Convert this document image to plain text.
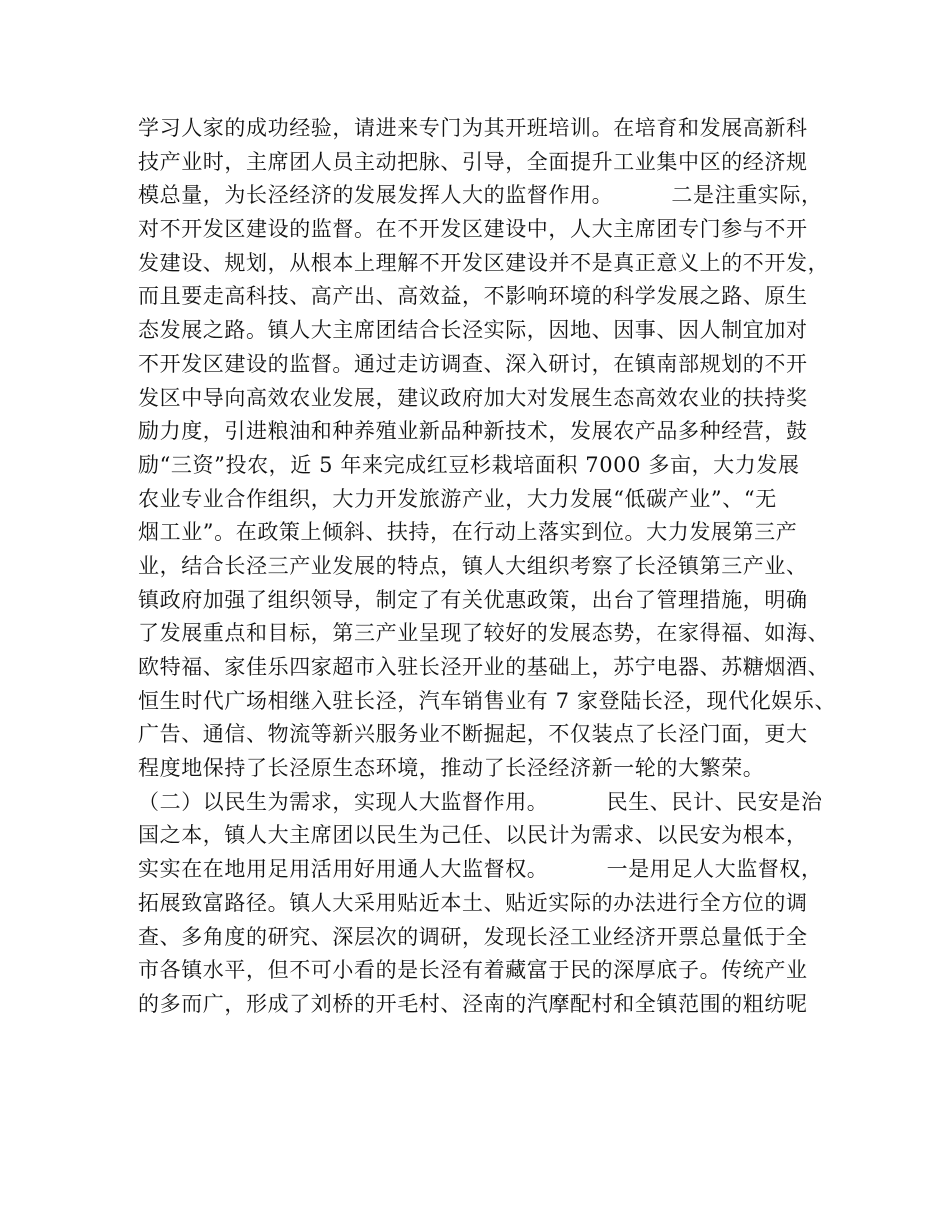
学习人家的成功经验，请进来专门为其开班培训。在培育和发展高新科
技产业时，主席团人员主动把脉、引导，全面提升工业集中区的经济规
模总量，为长泾经济的发展发挥人大的监督作用。        二是注重实际，
对不开发区建设的监督。在不开发区建设中，人大主席团专门参与不开
发建设、规划，从根本上理解不开发区建设并不是真正意义上的不开发，
而且要走高科技、高产出、高效益，不影响环境的科学发展之路、原生
态发展之路。镇人大主席团结合长泾实际，因地、因事、因人制宜加对
不开发区建设的监督。通过走访调查、深入研讨，在镇南部规划的不开
发区中导向高效农业发展，建议政府加大对发展生态高效农业的扶持奖
励力度，引进粮油和种养殖业新品种新技术，发展农产品多种经营，鼓
励“三资”投农，近 5 年来完成红豆杉栽培面积 7000 多亩，大力发展
农业专业合作组织，大力开发旅游产业，大力发展“低碳产业”、“无
烟工业”。在政策上倾斜、扶持，在行动上落实到位。大力发展第三产
业，结合长泾三产业发展的特点，镇人大组织考察了长泾镇第三产业、
镇政府加强了组织领导，制定了有关优惠政策，出台了管理措施，明确
了发展重点和目标，第三产业呈现了较好的发展态势，在家得福、如海、
欧特福、家佳乐四家超市入驻长泾开业的基础上，苏宁电器、苏糖烟酒、
恒生时代广场相继入驻长泾，汽车销售业有 7 家登陆长泾，现代化娱乐、
广告、通信、物流等新兴服务业不断掘起，不仅装点了长泾门面，更大
程度地保持了长泾原生态环境，推动了长泾经济新一轮的大繁荣。
（二）以民生为需求，实现人大监督作用。        民生、民计、民安是治
国之本，镇人大主席团以民生为己任、以民计为需求、以民安为根本，
实实在在地用足用活用好用通人大监督权。        一是用足人大监督权，
拓展致富路径。镇人大采用贴近本土、贴近实际的办法进行全方位的调
查、多角度的研究、深层次的调研，发现长泾工业经济开票总量低于全
市各镇水平，但不可小看的是长泾有着藏富于民的深厚底子。传统产业
的多而广，形成了刘桥的开毛村、泾南的汽摩配村和全镇范围的粗纺呢
